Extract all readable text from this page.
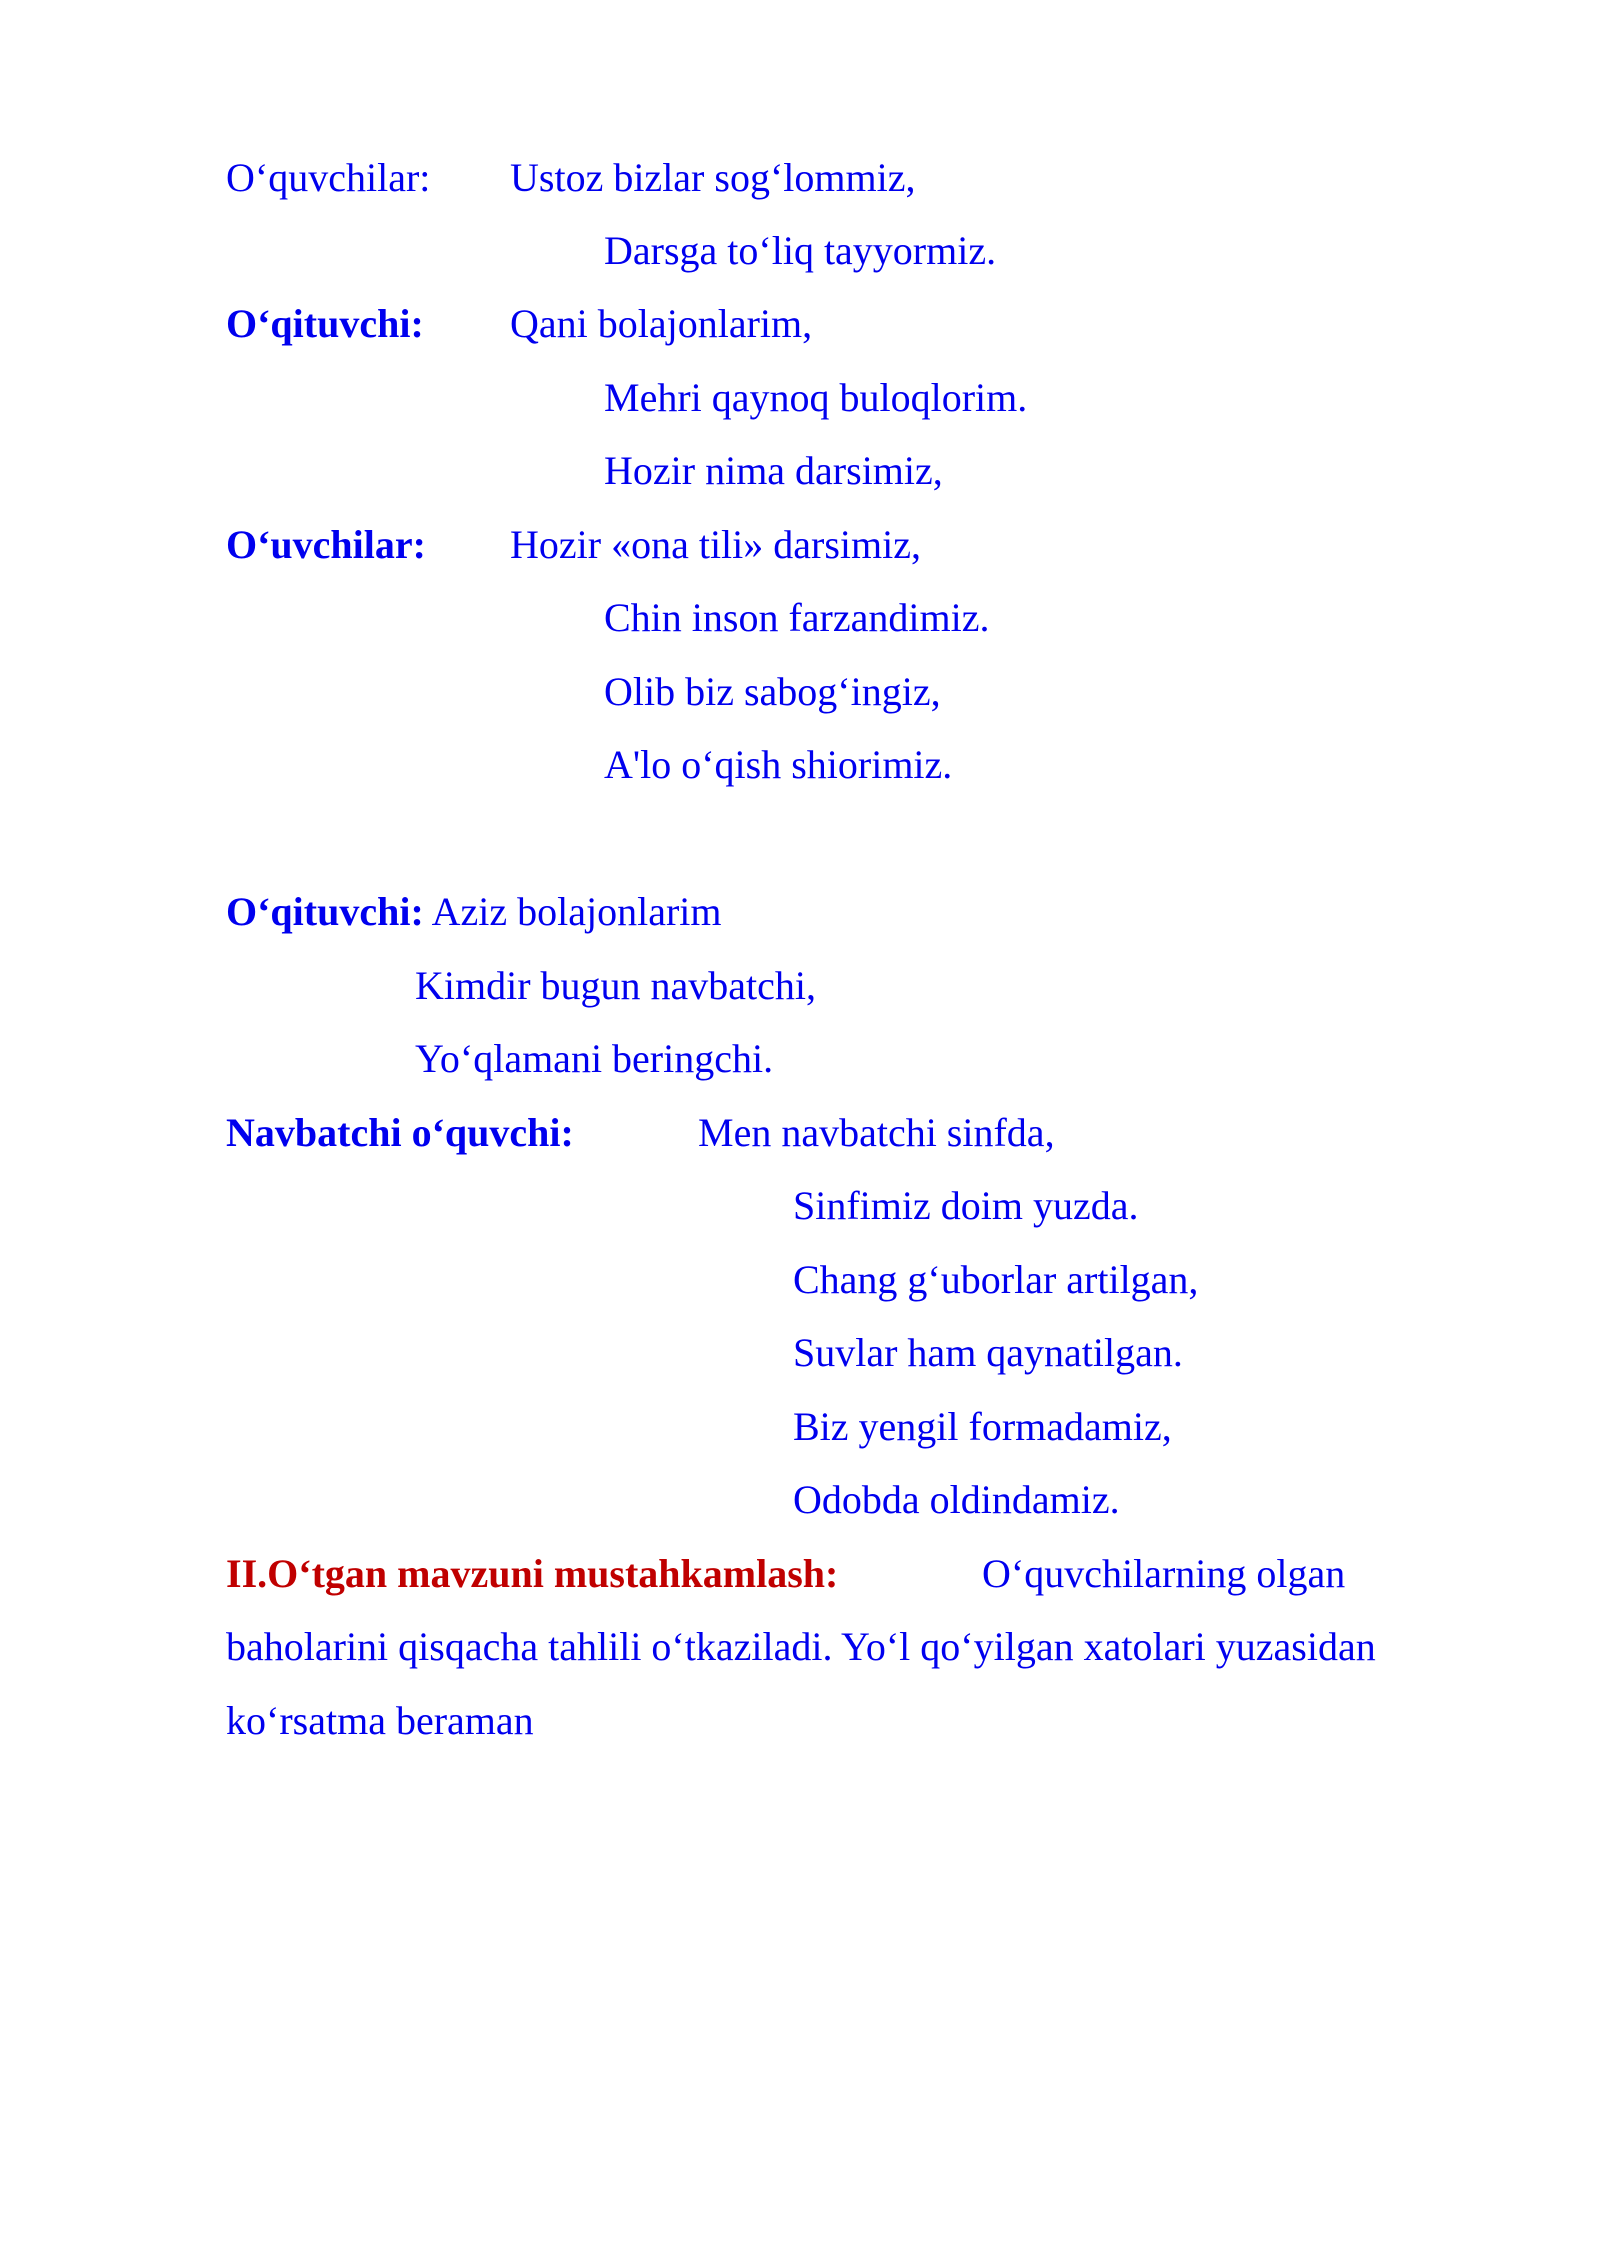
O‘quvchilar: Ustoz bizlar sog‘lommiz,
Darsga to‘liq tayyormiz.
O‘qituvchi: Qani bolajonlarim,
Mehri qaynoq buloqlorim.
Hozir nima darsimiz,
O‘uvchilar: Hozir «ona tili» darsimiz,
Chin inson farzandimiz.
Olib biz sabog‘ingiz,
A'lo o‘qish shiorimiz.
O‘qituvchi: Aziz bolajonlarim
Kimdir bugun navbatchi,
Yo‘qlamani beringchi.
Navbatchi o‘quvchi:	Men navbatchi sinfda,
Sinfimiz doim yuzda.
Chang g‘uborlar artilgan,
Suvlar ham qaynatilgan.
Biz yengil formadamiz,
Odobda oldindamiz.
II.O‘tgan mavzuni mustahkamlash:	O‘quvchilarning olgan
baholarini qisqacha tahlili o‘tkaziladi. Yo‘l qo‘yilgan xatolari yuzasidan
ko‘rsatma beraman
